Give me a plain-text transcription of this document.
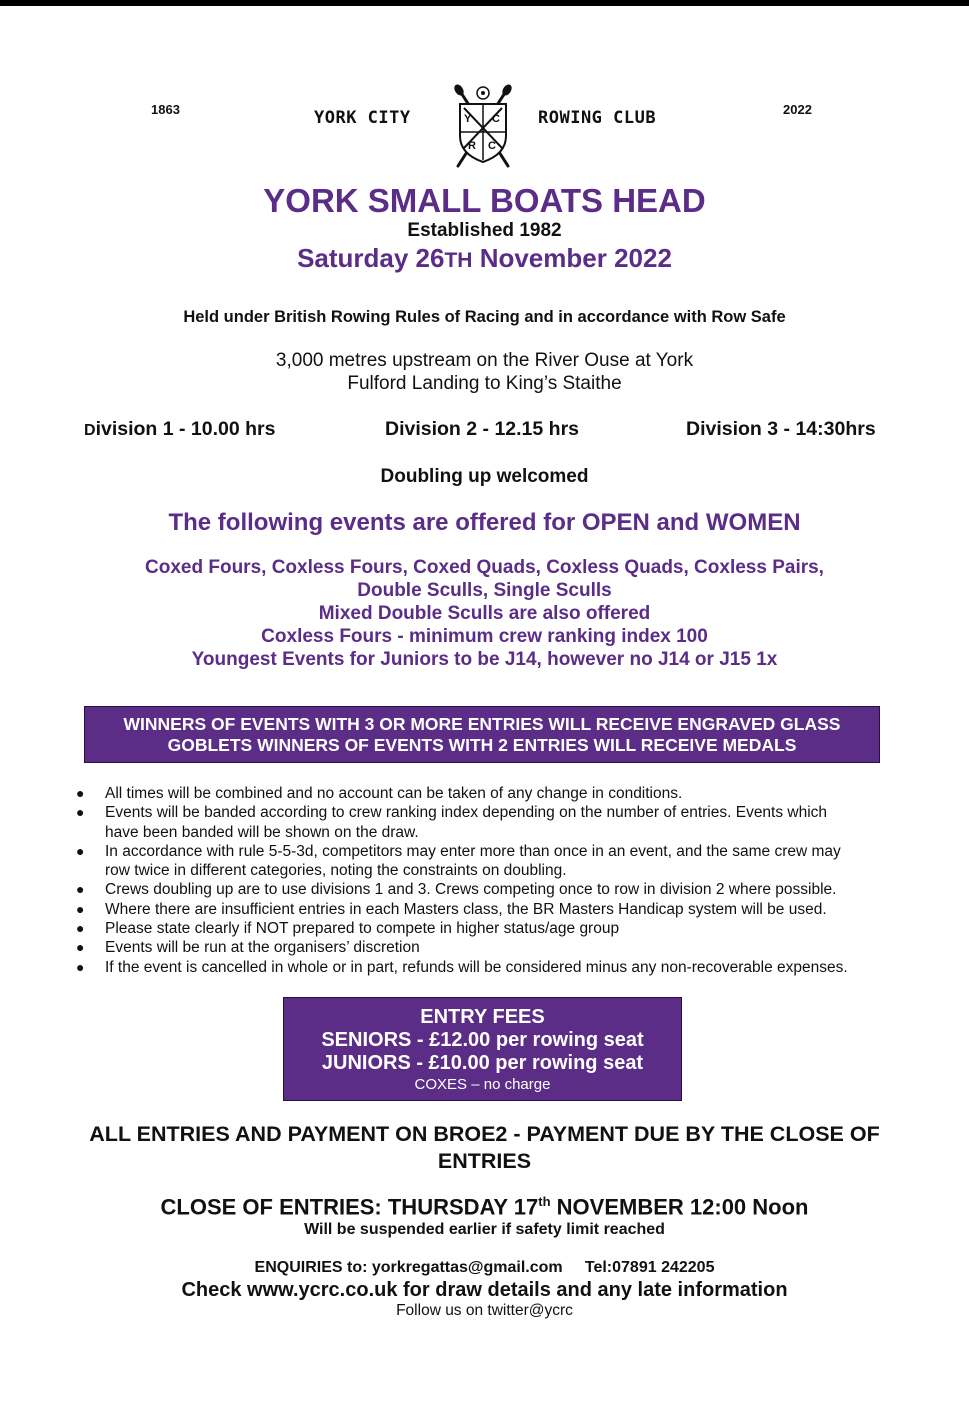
1863	YORK CITY	Y C
R C
ROWING CLUB	2022
YORK SMALL BOATS HEAD
Established 1982
Saturday 26TH November 2022
Held under British Rowing Rules of Racing and in accordance with Row Safe
3,000 metres upstream on the River Ouse at York
Fulford Landing to King’s Staithe
Division 1 - 10.00 hrs	Division 2 - 12.15 hrs	Division 3 - 14:30hrs
Doubling up welcomed
The following events are offered for OPEN and WOMEN
Coxed Fours, Coxless Fours, Coxed Quads, Coxless Quads, Coxless Pairs,
Double Sculls, Single Sculls
Mixed Double Sculls are also offered
Coxless Fours - minimum crew ranking index 100
Youngest Events for Juniors to be J14, however no J14 or J15 1x
WINNERS OF EVENTS WITH 3 OR MORE ENTRIES WILL RECEIVE ENGRAVED GLASS
GOBLETS WINNERS OF EVENTS WITH 2 ENTRIES WILL RECEIVE MEDALS
● All times will be combined and no account can be taken of any change in conditions.
● Events will be banded according to crew ranking index depending on the number of entries. Events which
have been banded will be shown on the draw.
● In accordance with rule 5-5-3d, competitors may enter more than once in an event, and the same crew may
row twice in different categories, noting the constraints on doubling.
● Crews doubling up are to use divisions 1 and 3. Crews competing once to row in division 2 where possible.
● Where there are insufficient entries in each Masters class, the BR Masters Handicap system will be used.
● Please state clearly if NOT prepared to compete in higher status/age group
● Events will be run at the organisers’ discretion
● If the event is cancelled in whole or in part, refunds will be considered minus any non-recoverable expenses.
ENTRY FEES
SENIORS - £12.00 per rowing seat
JUNIORS - £10.00 per rowing seat
COXES – no charge
ALL ENTRIES AND PAYMENT ON BROE2 - PAYMENT DUE BY THE CLOSE OF
ENTRIES
CLOSE OF ENTRIES: THURSDAY 17th NOVEMBER 12:00 Noon
Will be suspended earlier if safety limit reached
ENQUIRIES to: yorkregattas@gmail.com     Tel:07891 242205
Check www.ycrc.co.uk for draw details and any late information
Follow us on twitter@ycrc
